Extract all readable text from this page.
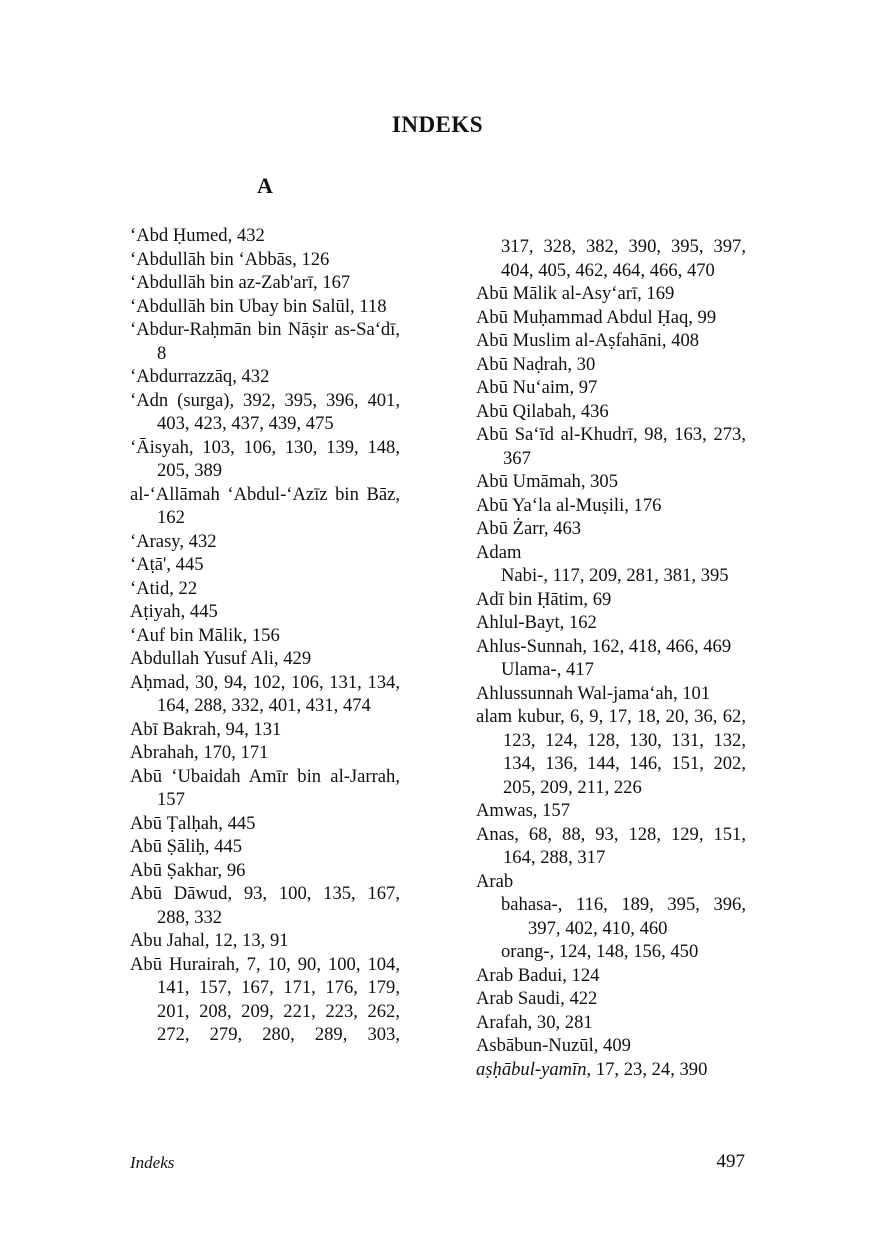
INDEKS
A
‘Abd Ḥumed, 432
‘Abdullāh bin ‘Abbās, 126
‘Abdullāh bin az-Zab'arī, 167
‘Abdullāh bin Ubay bin Salūl, 118
‘Abdur-Raḥmān bin Nāṣir as-Sa‘dī, 8
‘Abdurrazzāq, 432
‘Adn (surga), 392, 395, 396, 401, 403, 423, 437, 439, 475
‘Āisyah, 103, 106, 130, 139, 148, 205, 389
al-‘Allāmah ‘Abdul-‘Azīz bin Bāz, 162
‘Arasy, 432
‘Aṭā', 445
‘Atid, 22
Aṭiyah, 445
‘Auf bin Mālik, 156
Abdullah Yusuf Ali, 429
Aḥmad, 30, 94, 102, 106, 131, 134, 164, 288, 332, 401, 431, 474
Abī Bakrah, 94, 131
Abrahah, 170, 171
Abū ‘Ubaidah Amīr bin al-Jarrah, 157
Abū Ṭalḥah, 445
Abū Ṣāliḥ, 445
Abū Ṣakhar, 96
Abū Dāwud, 93, 100, 135, 167, 288, 332
Abu Jahal, 12, 13, 91
Abū Hurairah, 7, 10, 90, 100, 104, 141, 157, 167, 171, 176, 179, 201, 208, 209, 221, 223, 262, 272, 279, 280, 289, 303,
317, 328, 382, 390, 395, 397, 404, 405, 462, 464, 466, 470
Abū Mālik al-Asy‘arī, 169
Abū Muḥammad Abdul Ḥaq, 99
Abū Muslim al-Aṣfahāni, 408
Abū Naḍrah, 30
Abū Nu‘aim, 97
Abū Qilabah, 436
Abū Sa‘īd al-Khudrī, 98, 163, 273, 367
Abū Umāmah, 305
Abū Ya‘la al-Muṣili, 176
Abū Żarr, 463
Adam
Nabi-, 117, 209, 281, 381, 395
Adī bin Ḥātim, 69
Ahlul-Bayt, 162
Ahlus-Sunnah, 162, 418, 466, 469
Ulama-, 417
Ahlussunnah Wal-jama‘ah, 101
alam kubur, 6, 9, 17, 18, 20, 36, 62, 123, 124, 128, 130, 131, 132, 134, 136, 144, 146, 151, 202, 205, 209, 211, 226
Amwas, 157
Anas, 68, 88, 93, 128, 129, 151, 164, 288, 317
Arab
bahasa-, 116, 189, 395, 396, 397, 402, 410, 460
orang-, 124, 148, 156, 450
Arab Badui, 124
Arab Saudi, 422
Arafah, 30, 281
Asbābun-Nuzūl, 409
aṣḥābul-yamīn, 17, 23, 24, 390
Indeks	497
